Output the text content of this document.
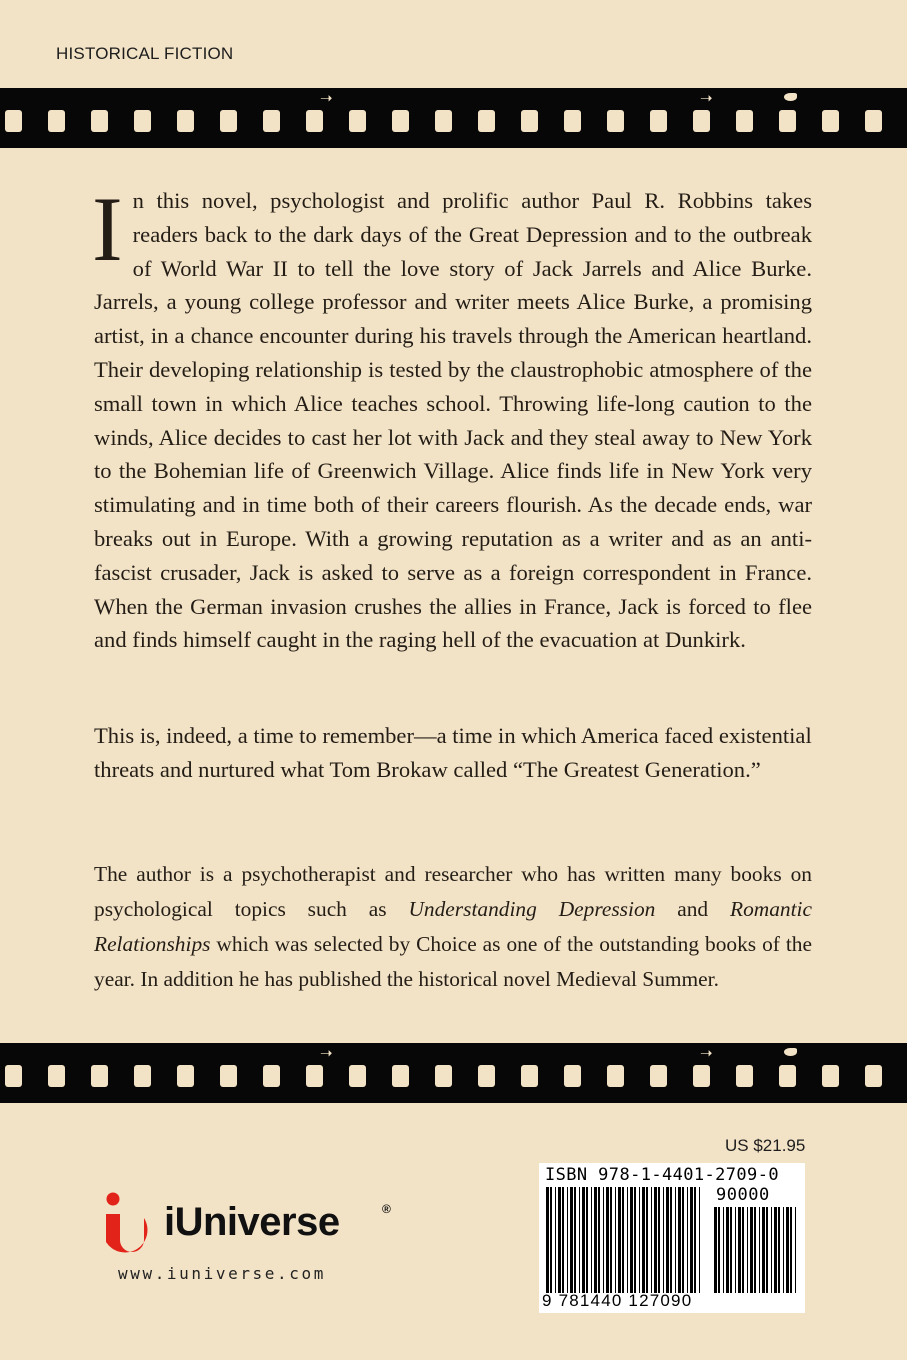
HISTORICAL FICTION
➝	➝
I n this novel, psychologist and prolific author Paul R. Robbins takes readers back to the dark days of the Great Depression and to the outbreak of World War II to tell the love story of Jack Jarrels and Alice Burke. Jarrels, a young college professor and writer meets Alice Burke, a promising artist, in a chance encounter during his travels through the American heartland. Their developing relationship is tested by the claustrophobic atmosphere of the small town in which Alice teaches school. Throwing life-long caution to the winds, Alice decides to cast her lot with Jack and they steal away to New York to the Bohemian life of Greenwich Village. Alice finds life in New York very stimulating and in time both of their careers flourish. As the decade ends, war breaks out in Europe. With a growing reputation as a writer and as an anti-fascist crusader, Jack is asked to serve as a foreign correspondent in France. When the German invasion crushes the allies in France, Jack is forced to flee and finds himself caught in the raging hell of the evacuation at Dunkirk.

This is, indeed, a time to remember—a time in which America faced existential threats and nurtured what Tom Brokaw called “The Greatest Generation.”
The author is a psychotherapist and researcher who has written many books on psychological topics such as Understanding Depression and Romantic Relationships which was selected by Choice as one of the outstanding books of the year. In addition he has published the historical novel Medieval Summer.
➝	➝
US $21.95
ISBN 978-1-4401-2709-0
90000
9 781440 127090
iUniverse	®
www.iuniverse.com
